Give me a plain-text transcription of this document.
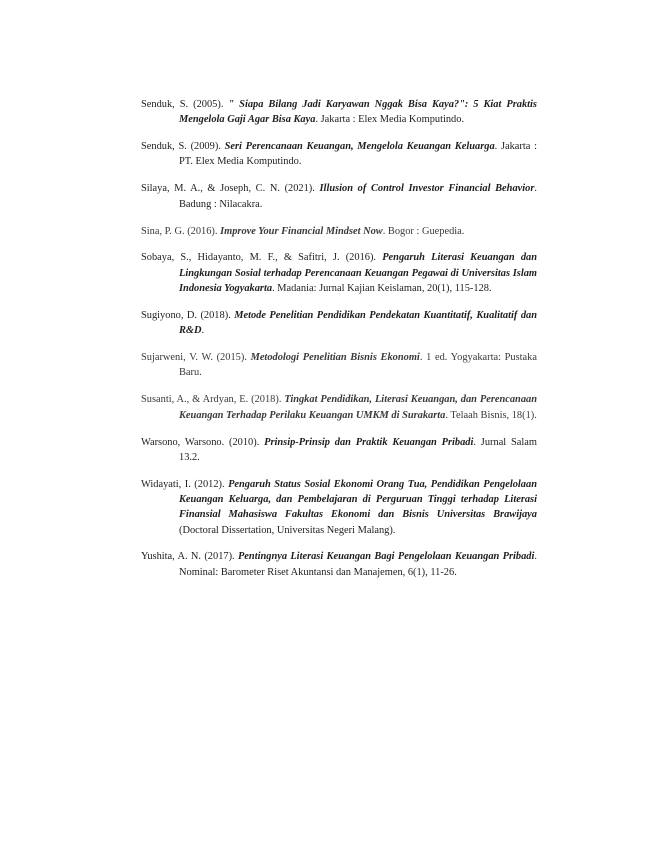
Senduk, S. (2005). " Siapa Bilang Jadi Karyawan Nggak Bisa Kaya?": 5 Kiat Praktis Mengelola Gaji Agar Bisa Kaya. Jakarta : Elex Media Komputindo.

Senduk, S. (2009). Seri Perencanaan Keuangan, Mengelola Keuangan Keluarga. Jakarta : PT. Elex Media Komputindo.

Silaya, M. A., & Joseph, C. N. (2021). Illusion of Control Investor Financial Behavior. Badung : Nilacakra.

Sina, P. G. (2016). Improve Your Financial Mindset Now. Bogor : Guepedia.

Sobaya, S., Hidayanto, M. F., & Safitri, J. (2016). Pengaruh Literasi Keuangan dan Lingkungan Sosial terhadap Perencanaan Keuangan Pegawai di Universitas Islam Indonesia Yogyakarta. Madania: Jurnal Kajian Keislaman, 20(1), 115-128.

Sugiyono, D. (2018). Metode Penelitian Pendidikan Pendekatan Kuantitatif, Kualitatif dan R&D.

Sujarweni, V. W. (2015). Metodologi Penelitian Bisnis Ekonomi. 1 ed. Yogyakarta: Pustaka Baru.

Susanti, A., & Ardyan, E. (2018). Tingkat Pendidikan, Literasi Keuangan, dan Perencanaan Keuangan Terhadap Perilaku Keuangan UMKM di Surakarta. Telaah Bisnis, 18(1).

Warsono, Warsono. (2010). Prinsip-Prinsip dan Praktik Keuangan Pribadi. Jurnal Salam 13.2.

Widayati, I. (2012). Pengaruh Status Sosial Ekonomi Orang Tua, Pendidikan Pengelolaan Keuangan Keluarga, dan Pembelajaran di Perguruan Tinggi terhadap Literasi Finansial Mahasiswa Fakultas Ekonomi dan Bisnis Universitas Brawijaya (Doctoral Dissertation, Universitas Negeri Malang).

Yushita, A. N. (2017). Pentingnya Literasi Keuangan Bagi Pengelolaan Keuangan Pribadi. Nominal: Barometer Riset Akuntansi dan Manajemen, 6(1), 11-26.
